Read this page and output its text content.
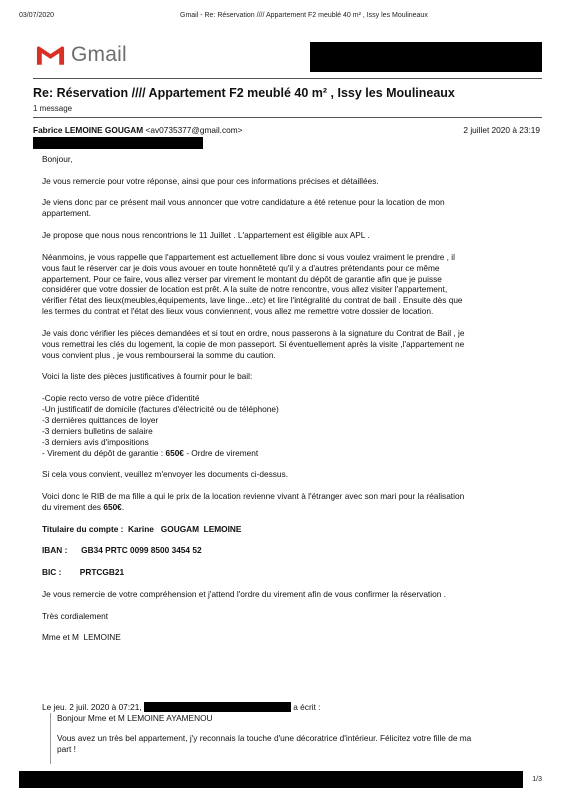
03/07/2020	Gmail - Re: Réservation //// Appartement F2 meublé 40 m² , Issy les Moulineaux
Gmail
Re: Réservation //// Appartement F2 meublé 40 m² , Issy les Moulineaux
1 message
Fabrice LEMOINE GOUGAM <av0735377@gmail.com>	2 juillet 2020 à 23:19

Bonjour,

Je vous remercie pour votre réponse, ainsi que pour ces informations précises et détaillées.

Je viens donc par ce présent mail vous annoncer que votre candidature a été retenue pour la location de mon
appartement.

Je propose que nous nous rencontrions le 11 Juillet . L'appartement est éligible aux APL .

Néanmoins, je vous rappelle que l'appartement est actuellement libre donc si vous voulez vraiment le prendre , il
vous faut le réserver car je dois vous avouer en toute honnêteté qu'il y a d'autres prétendants pour ce même
appartement. Pour ce faire, vous allez verser par virement le montant du dépôt de garantie afin que je puisse
considérer que votre dossier de location est prêt. A la suite de notre rencontre, vous allez visiter l'appartement,
vérifier l'état des lieux(meubles,équipements, lave linge...etc) et lire l'intégralité du contrat de bail . Ensuite dès que
les termes du contrat et l'état des lieux vous conviennent, vous allez me remettre votre dossier de location.

Je vais donc vérifier les pièces demandées et si tout en ordre, nous passerons à la signature du Contrat de Bail , je
vous remettrai les clés du logement, la copie de mon passeport. Si éventuellement après la visite ,l'appartement ne
vous convient plus , je vous rembourserai la somme du caution.

Voici la liste des pièces justificatives à fournir pour le bail:

-Copie recto verso de votre pièce d'identité
-Un justificatif de domicile (factures d'électricité ou de téléphone)
-3 dernières quittances de loyer
-3 derniers bulletins de salaire
-3 derniers avis d'impositions
- Virement du dépôt de garantie : 650€ - Ordre de virement

Si cela vous convient, veuillez m'envoyer les documents ci-dessus.

Voici donc le RIB de ma fille a qui le prix de la location revienne vivant à l'étranger avec son mari pour la réalisation
du virement des 650€.

Titulaire du compte :  Karine   GOUGAM  LEMOINE

IBAN :      GB34 PRTC 0099 8500 3454 52

BIC :        PRTCGB21

Je vous remercie de votre compréhension et j'attend l'ordre du virement afin de vous confirmer la réservation .

Très cordialement

Mme et M  LEMOINE

Le jeu. 2 juil. 2020 à 07:21,	a écrit :

Bonjour Mme et M LEMOINE AYAMENOU

Vous avez un très bel appartement, j'y reconnais la touche d'une décoratrice d'intérieur. Félicitez votre fille de ma
part !

1/3
